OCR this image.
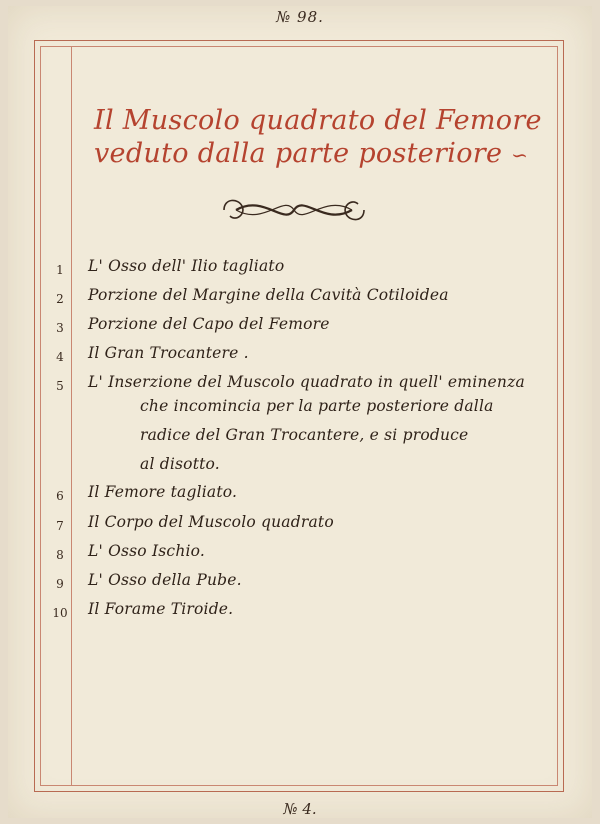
№ 98.
Il Muscolo quadrato del Femore
veduto dalla parte posteriore ∽
1 L' Osso dell' Ilio tagliato
2 Porzione del Margine della Cavità Cotiloidea
3 Porzione del Capo del Femore
4 Il Gran Trocantere .
5 L' Inserzione del Muscolo quadrato in quell' eminenza
che incomincia per la parte posteriore dalla
radice del Gran Trocantere, e si produce
al disotto.
6 Il Femore tagliato.
7 Il Corpo del Muscolo quadrato
8 L' Osso Ischio.
9 L' Osso della Pube.
10 Il Forame Tiroide.
№ 4.
